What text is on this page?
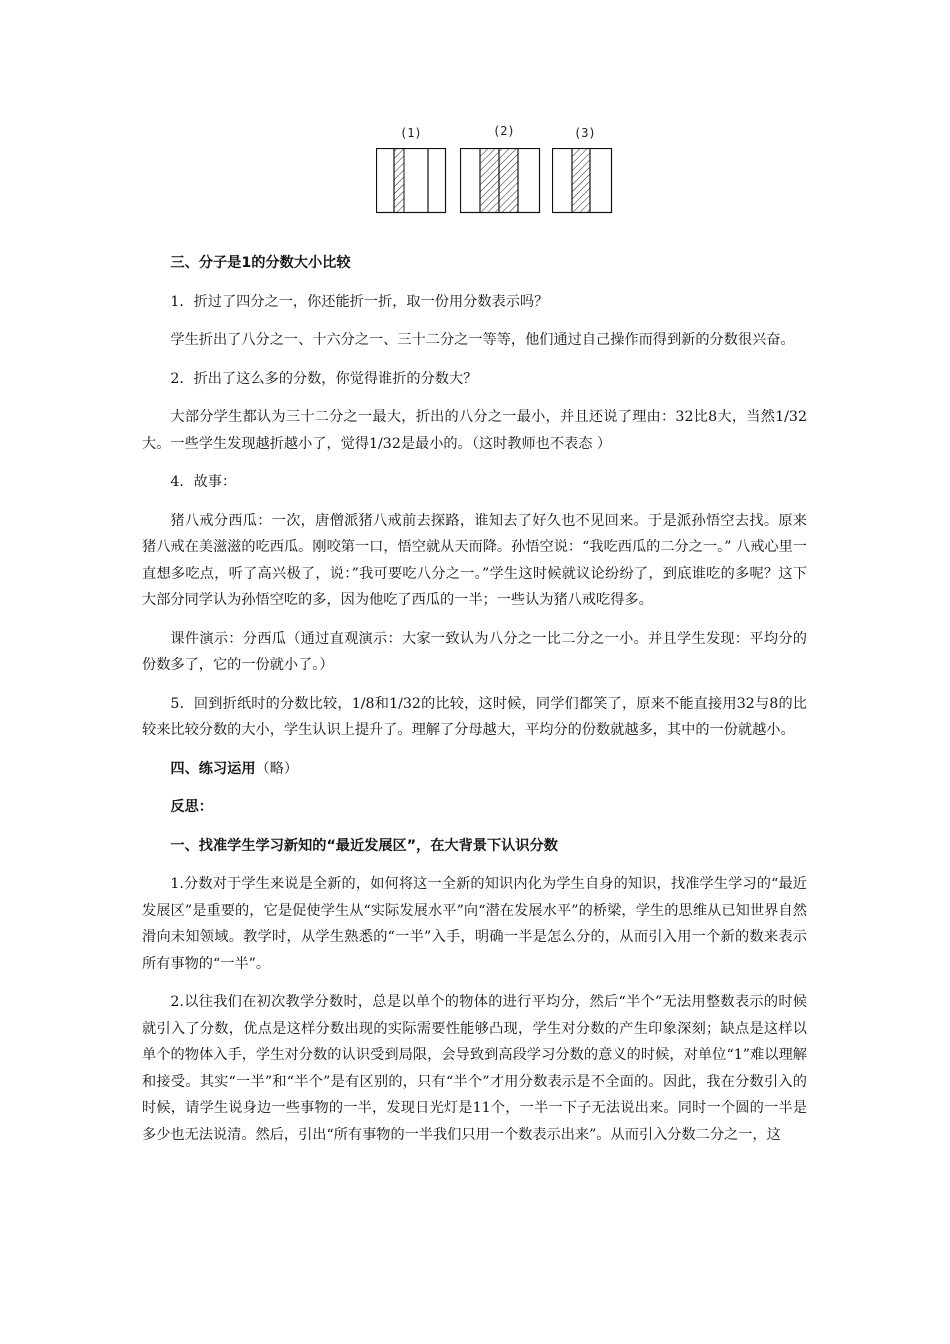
(1)	(2)	(3)

三、分子是1的分数大小比较

1．折过了四分之一，你还能折一折，取一份用分数表示吗？

学生折出了八分之一、十六分之一、三十二分之一等等，他们通过自己操作而得到新的分数很兴奋。

2．折出了这么多的分数，你觉得谁折的分数大？

大部分学生都认为三十二分之一最大，折出的八分之一最小，并且还说了理由：32比8大，当然1/32大。一些学生发现越折越小了，觉得1/32是最小的。（这时教师也不表态 ）

4．故事：

猪八戒分西瓜：一次，唐僧派猪八戒前去探路，谁知去了好久也不见回来。于是派孙悟空去找。原来猪八戒在美滋滋的吃西瓜。刚咬第一口，悟空就从天而降。孙悟空说：“我吃西瓜的二分之一。” 八戒心里一直想多吃点，听了高兴极了，说：”我可要吃八分之一。”学生这时候就议论纷纷了，到底谁吃的多呢？这下大部分同学认为孙悟空吃的多，因为他吃了西瓜的一半；一些认为猪八戒吃得多。

课件演示：分西瓜（通过直观演示：大家一致认为八分之一比二分之一小。并且学生发现：平均分的份数多了，它的一份就小了。）

5．回到折纸时的分数比较，1/8和1/32的比较，这时候，同学们都笑了，原来不能直接用32与8的比较来比较分数的大小，学生认识上提升了。理解了分母越大，平均分的份数就越多，其中的一份就越小。

四、练习运用（略）

反思：

一、找准学生学习新知的“最近发展区”，在大背景下认识分数

1.分数对于学生来说是全新的，如何将这一全新的知识内化为学生自身的知识，找准学生学习的“最近发展区”是重要的，它是促使学生从“实际发展水平”向“潜在发展水平”的桥梁，学生的思维从已知世界自然滑向未知领域。教学时，从学生熟悉的“一半”入手，明确一半是怎么分的，从而引入用一个新的数来表示所有事物的“一半”。

2.以往我们在初次教学分数时，总是以单个的物体的进行平均分，然后“半个”无法用整数表示的时候就引入了分数，优点是这样分数出现的实际需要性能够凸现，学生对分数的产生印象深刻；缺点是这样以单个的物体入手，学生对分数的认识受到局限，会导致到高段学习分数的意义的时候，对单位“1”难以理解和接受。其实“一半”和“半个”是有区别的，只有“半个”才用分数表示是不全面的。因此，我在分数引入的时候，请学生说身边一些事物的一半，发现日光灯是11个，一半一下子无法说出来。同时一个圆的一半是多少也无法说清。然后，引出“所有事物的一半我们只用一个数表示出来”。从而引入分数二分之一，这
